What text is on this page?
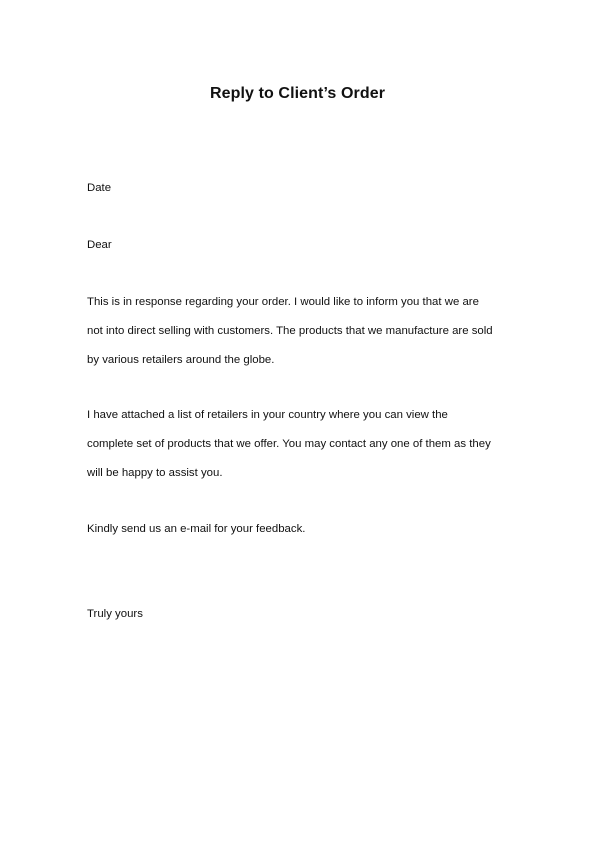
Reply to Client’s Order
Date
Dear
This is in response regarding your order. I would like to inform you that we are
not into direct selling with customers. The products that we manufacture are sold
by various retailers around the globe.
I have attached a list of retailers in your country where you can view the
complete set of products that we offer. You may contact any one of them as they
will be happy to assist you.
Kindly send us an e-mail for your feedback.
Truly yours
